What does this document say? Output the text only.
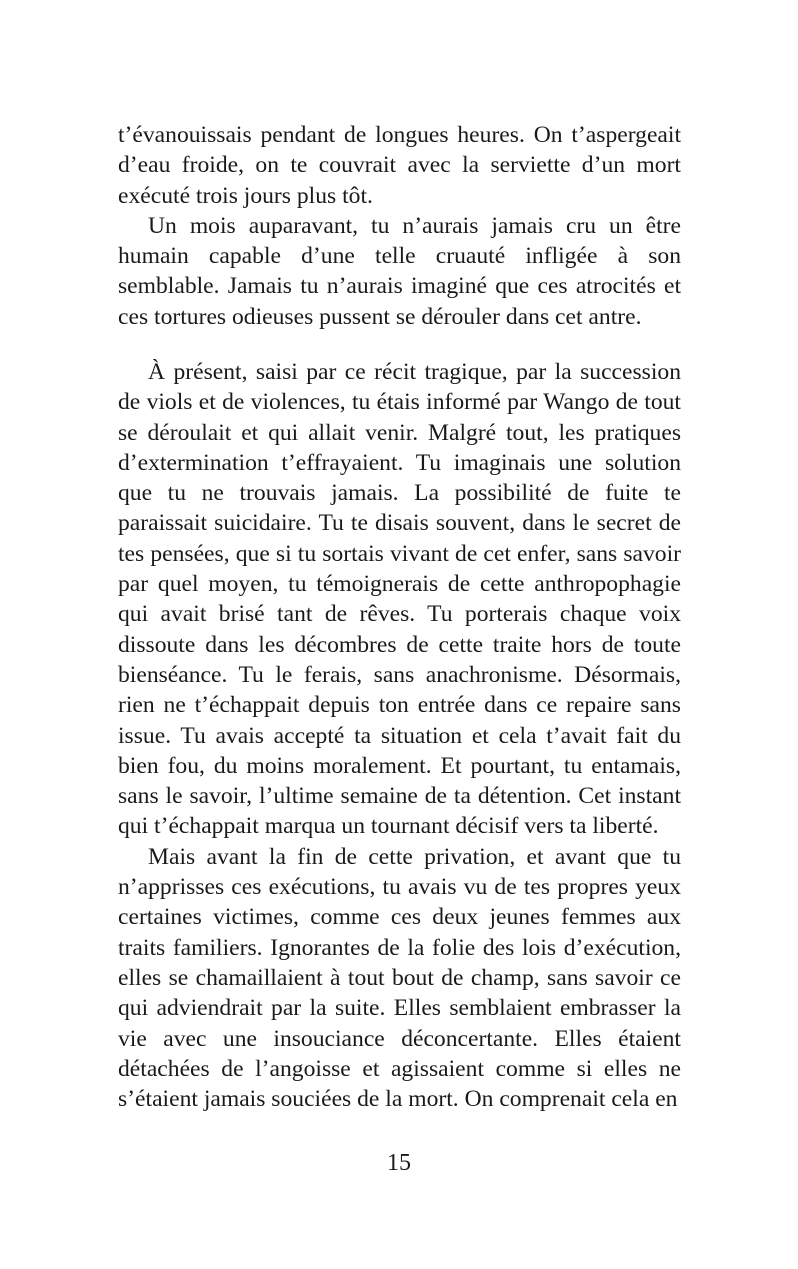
t’évanouissais pendant de longues heures. On t’aspergeait d’eau froide, on te couvrait avec la serviette d’un mort exécuté trois jours plus tôt.

Un mois auparavant, tu n’aurais jamais cru un être humain capable d’une telle cruauté infligée à son semblable. Jamais tu n’aurais imaginé que ces atrocités et ces tortures odieuses pussent se dérouler dans cet antre.

À présent, saisi par ce récit tragique, par la succession de viols et de violences, tu étais informé par Wango de tout se déroulait et qui allait venir. Malgré tout, les pratiques d’extermination t’effrayaient. Tu imaginais une solution que tu ne trouvais jamais. La possibilité de fuite te paraissait suicidaire. Tu te disais souvent, dans le secret de tes pensées, que si tu sortais vivant de cet enfer, sans savoir par quel moyen, tu témoignerais de cette anthropophagie qui avait brisé tant de rêves. Tu porterais chaque voix dissoute dans les décombres de cette traite hors de toute bienséance. Tu le ferais, sans anachronisme. Désormais, rien ne t’échappait depuis ton entrée dans ce repaire sans issue. Tu avais accepté ta situation et cela t’avait fait du bien fou, du moins moralement. Et pourtant, tu entamais, sans le savoir, l’ultime semaine de ta détention. Cet instant qui t’échappait marqua un tournant décisif vers ta liberté.

Mais avant la fin de cette privation, et avant que tu n’apprisses ces exécutions, tu avais vu de tes propres yeux certaines victimes, comme ces deux jeunes femmes aux traits familiers. Ignorantes de la folie des lois d’exécution, elles se chamaillaient à tout bout de champ, sans savoir ce qui adviendrait par la suite. Elles semblaient embrasser la vie avec une insouciance déconcertante. Elles étaient détachées de l’angoisse et agissaient comme si elles ne s’étaient jamais souciées de la mort. On comprenait cela en

15
